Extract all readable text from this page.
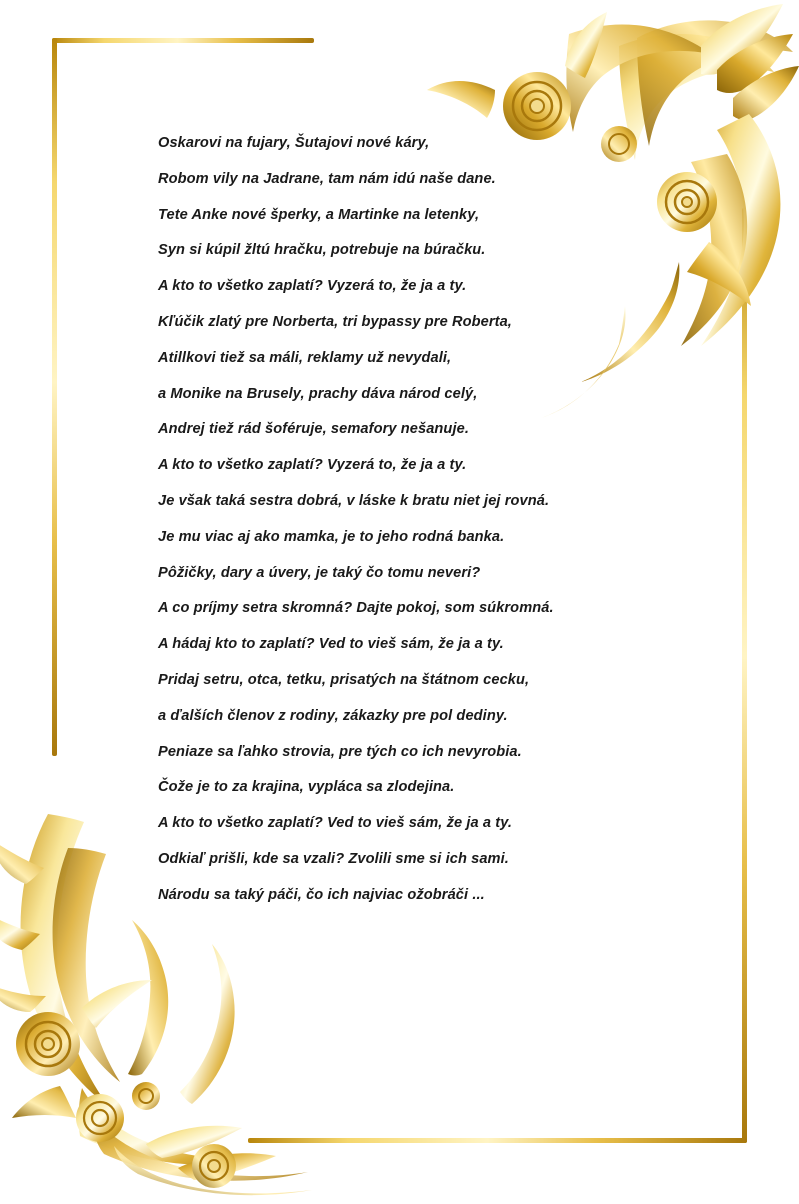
Oskarovi na fujary, Šutajovi nové káry,
Robom vily na Jadrane, tam nám idú naše dane.
Tete Anke nové šperky, a Martinke na letenky,
Syn si kúpil žltú hračku, potrebuje na búračku.
A kto to všetko zaplatí? Vyzerá to, že ja a ty.
Kľúčik zlatý pre Norberta, tri bypassy pre Roberta,
Atillkovi tiež sa máli, reklamy už nevydali,
a Monike na Brusely, prachy dáva národ celý,
Andrej tiež rád šoféruje, semafory nešanuje.
A kto to všetko zaplatí? Vyzerá to, že ja a ty.
Je však taká sestra dobrá, v láske k bratu niet jej rovná.
Je mu viac aj ako mamka, je to jeho rodná banka.
Pôžičky, dary a úvery, je taký čo tomu neveri?
A co príjmy setra skromná? Dajte pokoj, som súkromná.
A hádaj kto to zaplatí? Ved to vieš sám, že ja a ty.
Pridaj setru, otca, tetku, prisatých na štátnom cecku,
a ďalších členov z rodiny, zákazky pre pol dediny.
Peniaze sa ľahko strovia, pre tých co ich nevyrobia.
Čože je to za krajina, vypláca sa zlodejina.
A kto to všetko zaplatí? Ved to vieš sám, že ja a ty.
Odkiaľ prišli, kde sa vzali? Zvolili sme si ich sami.
Národu sa taký páči, čo ich najviac ožobráči ...
